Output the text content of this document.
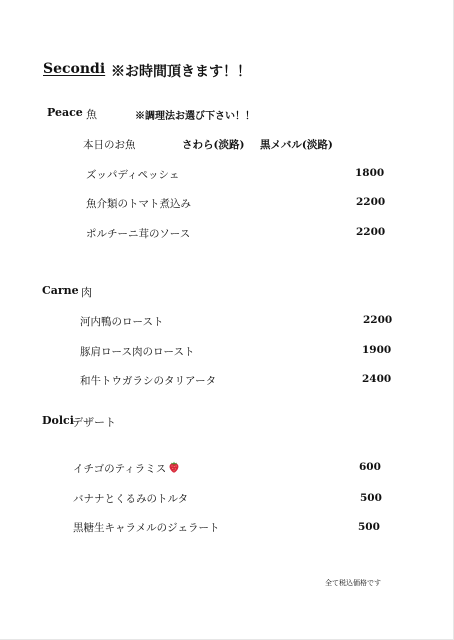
Secondi ※お時間頂きます！！
Peace 魚	※調理法お選び下さい！！
本日のお魚	さわら(淡路) 黒メバル(淡路)
ズッパディペッシェ	1800
魚介類のトマト煮込み	2200
ポルチーニ茸のソース	2200
Carne 肉
河内鴨のロースト	2200
豚肩ロース肉のロースト	1900
和牛トウガラシのタリアータ	2400
Dolci
デザート
イチゴのティラミス	600
バナナとくるみのトルタ	500
黒糖生キャラメルのジェラート	500
全て税込価格です
